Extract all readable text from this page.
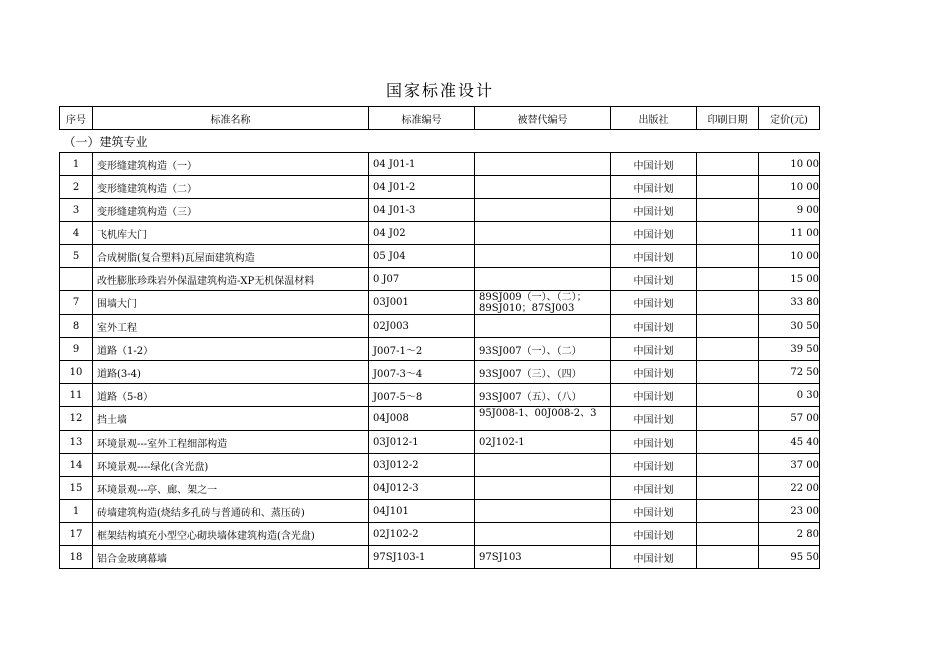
国家标准设计
序号	标准名称	标准编号	被替代编号	出版社	印刷日期	定价(元)
（一）建筑专业						
1	变形缝建筑构造（一）	04 J01-1		中国计划		10 00
2	变形缝建筑构造（二）	04 J01-2		中国计划		10 00
3	变形缝建筑构造（三）	04 J01-3		中国计划		9 00
4	飞机库大门	04 J02		中国计划		11 00
5	合成树脂(复合塑料)瓦屋面建筑构造	05 J04		中国计划		10 00
	改性膨胀珍珠岩外保温建筑构造-XP无机保温材料	0 J07		中国计划		15 00
7	围墙大门	03J001	89SJ009（一）、（二）；89SJ010；87SJ003	中国计划		33 80
8	室外工程	02J003		中国计划		30 50
9	道路（1-2）	J007-1～2	93SJ007（一）、（二）	中国计划		39 50
10	道路(3-4)	J007-3～4	93SJ007（三）、（四）	中国计划		72 50
11	道路（5-8）	J007-5～8	93SJ007（五）、（八）	中国计划		0 30
12	挡土墙	04J008	95J008-1、00J008-2、3	中国计划		57 00
13	环境景观---室外工程细部构造	03J012-1	02J102-1	中国计划		45 40
14	环境景观----绿化(含光盘)	03J012-2		中国计划		37 00
15	环境景观---亭、廊、架之一	04J012-3		中国计划		22 00
1	砖墙建筑构造(烧结多孔砖与普通砖和、蒸压砖)	04J101		中国计划		23 00
17	框架结构填充小型空心砌块墙体建筑构造(含光盘)	02J102-2		中国计划		2 80
18	铝合金玻璃幕墙	97SJ103-1	97SJ103	中国计划		95 50
